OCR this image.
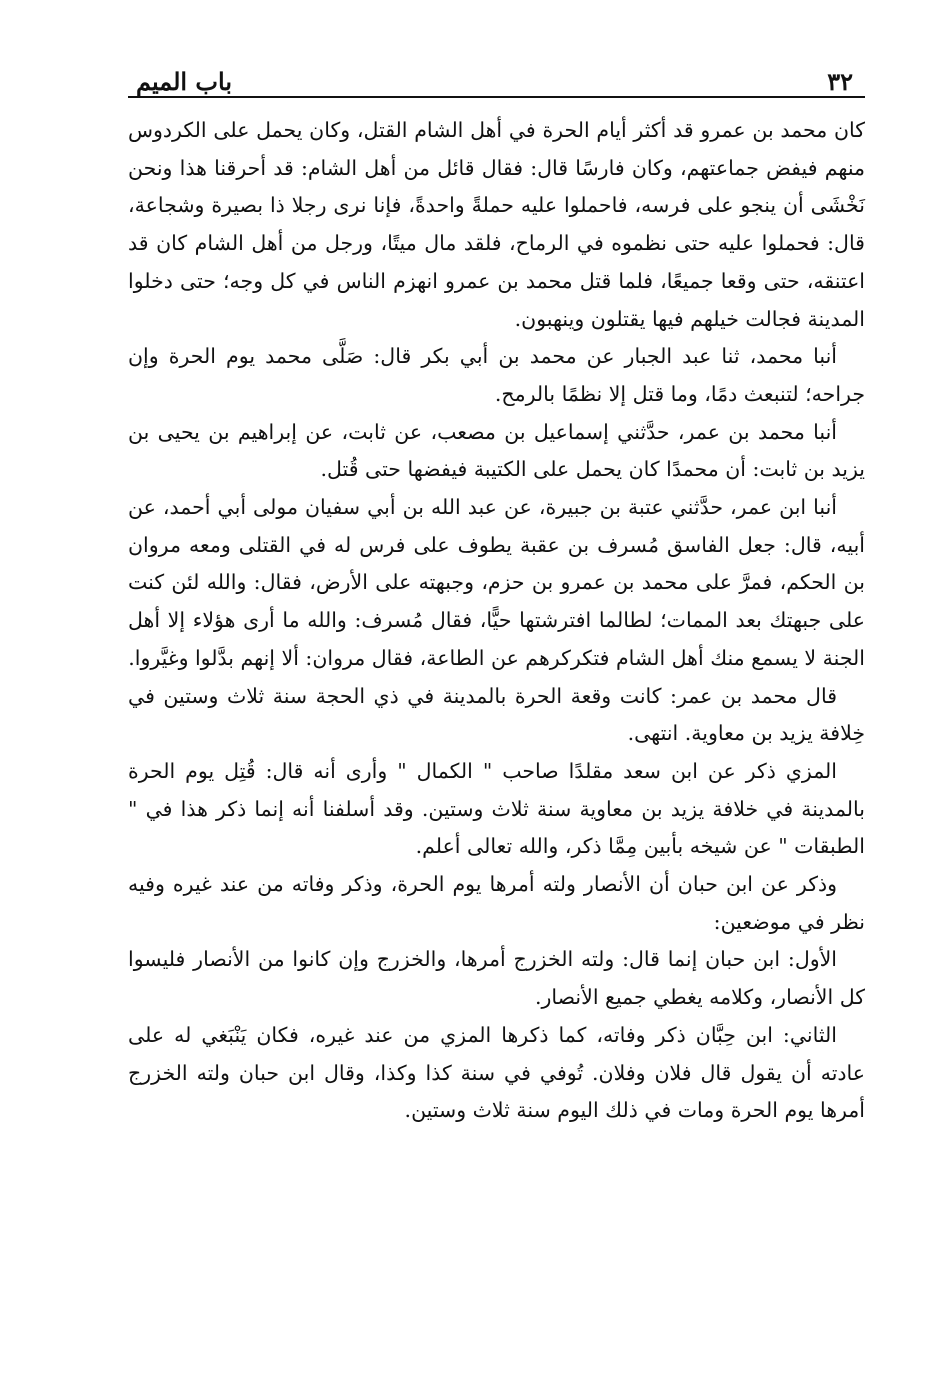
٣٢
باب الميم

كان محمد بن عمرو قد أكثر أيام الحرة في أهل الشام القتل، وكان يحمل على الكردوس منهم فيفض جماعتهم، وكان فارسًا قال: فقال قائل من أهل الشام: قد أحرقنا هذا ونحن نَخْشَى أن ينجو على فرسه، فاحملوا عليه حملةً واحدةً، فإنا نرى رجلا ذا بصيرة وشجاعة، قال: فحملوا عليه حتى نظموه في الرماح، فلقد مال ميتًا، ورجل من أهل الشام كان قد اعتنقه، حتى وقعا جميعًا، فلما قتل محمد بن عمرو انهزم الناس في كل وجه؛ حتى دخلوا المدينة فجالت خيلهم فيها يقتلون وينهبون.

أنبا محمد، ثنا عبد الجبار عن محمد بن أبي بكر قال: صَلَّى محمد يوم الحرة وإن جراحه؛ لتنبعث دمًا، وما قتل إلا نظمًا بالرمح.

أنبا محمد بن عمر، حدَّثني إسماعيل بن مصعب، عن ثابت، عن إبراهيم بن يحيى بن يزيد بن ثابت: أن محمدًا كان يحمل على الكتيبة فيفضها حتى قُتل.

أنبا ابن عمر، حدَّثني عتبة بن جبيرة، عن عبد الله بن أبي سفيان مولى أبي أحمد، عن أبيه، قال: جعل الفاسق مُسرف بن عقبة يطوف على فرس له في القتلى ومعه مروان بن الحكم، فمرَّ على محمد بن عمرو بن حزم، وجبهته على الأرض، فقال: والله لئن كنت على جبهتك بعد الممات؛ لطالما افترشتها حيًّا، فقال مُسرف: والله ما أرى هؤلاء إلا أهل الجنة لا يسمع منك أهل الشام فتكركرهم عن الطاعة، فقال مروان: ألا إنهم بدَّلوا وغيَّروا.

قال محمد بن عمر: كانت وقعة الحرة بالمدينة في ذي الحجة سنة ثلاث وستين في خِلافة يزيد بن معاوية. انتهى.

المزي ذكر عن ابن سعد مقلدًا صاحب " الكمال " وأرى أنه قال: قُتِل يوم الحرة بالمدينة في خلافة يزيد بن معاوية سنة ثلاث وستين. وقد أسلفنا أنه إنما ذكر هذا في " الطبقات " عن شيخه بأبين مِمَّا ذكر، والله تعالى أعلم.

وذكر عن ابن حبان أن الأنصار ولته أمرها يوم الحرة، وذكر وفاته من عند غيره وفيه نظر في موضعين:

الأول: ابن حبان إنما قال: ولته الخزرج أمرها، والخزرج وإن كانوا من الأنصار فليسوا كل الأنصار، وكلامه يغطي جميع الأنصار.

الثاني: ابن حِبَّان ذكر وفاته، كما ذكرها المزي من عند غيره، فكان يَنْبَغي له على عادته أن يقول قال فلان وفلان. تُوفي في سنة كذا وكذا، وقال ابن حبان ولته الخزرج أمرها يوم الحرة ومات في ذلك اليوم سنة ثلاث وستين.
